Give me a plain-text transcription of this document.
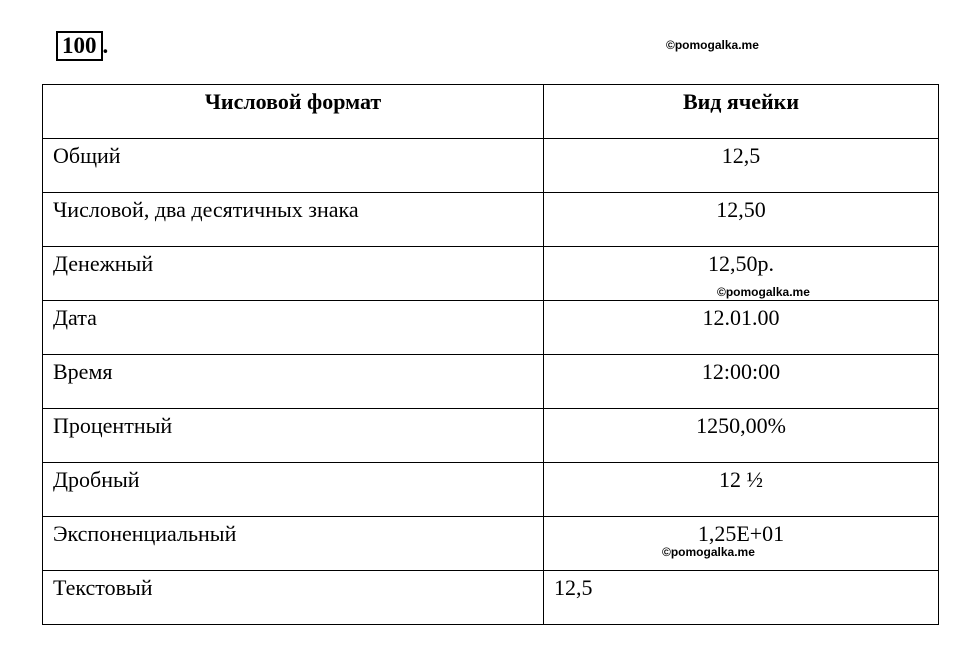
100 .	©pomogalka.me
Числовой формат	Вид ячейки
Общий	12,5
Числовой, два десятичных знака	12,50
Денежный	12,50р.
Дата	12.01.00
Время	12:00:00
Процентный	1250,00%
Дробный	12 ½
Экспоненциальный	1,25E+01
Текстовый	12,5
©pomogalka.me
©pomogalka.me
